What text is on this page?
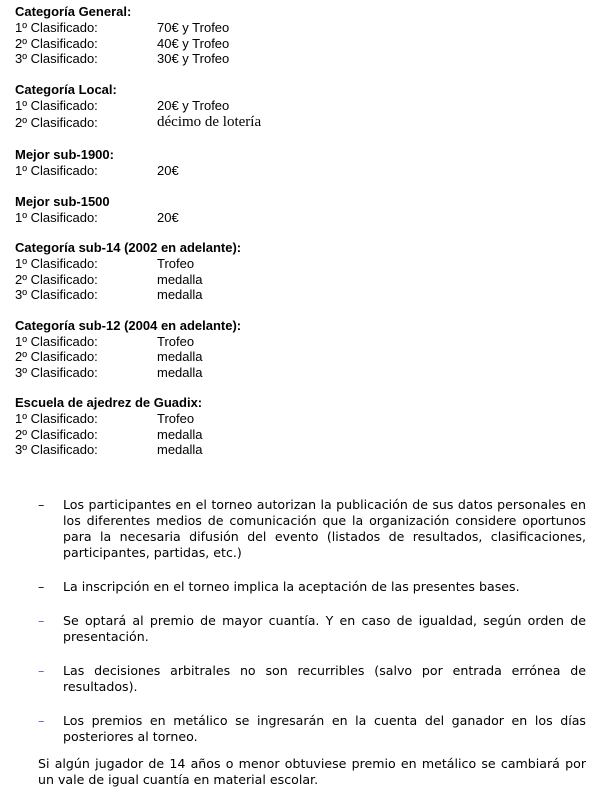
Categoría General:
1º Clasificado:	70€ y Trofeo
2º Clasificado:	40€ y Trofeo
3º Clasificado:	30€ y Trofeo
Categoría Local:
1º Clasificado:	20€ y Trofeo
2º Clasificado:	décimo de lotería
Mejor sub-1900:
1º Clasificado:	20€
Mejor sub-1500
1º Clasificado:	20€
Categoría sub-14 (2002 en adelante):
1º Clasificado:	Trofeo
2º Clasificado:	medalla
3º Clasificado:	medalla
Categoría sub-12 (2004 en adelante):
1º Clasificado:	Trofeo
2º Clasificado:	medalla
3º Clasificado:	medalla
Escuela de ajedrez de Guadix:
1º Clasificado:	Trofeo
2º Clasificado:	medalla
3º Clasificado:	medalla
– Los participantes en el torneo autorizan la publicación de sus datos personales en los diferentes medios de comunicación que la organización considere oportunos para la necesaria difusión del evento (listados de resultados, clasificaciones, participantes, partidas, etc.)
– La inscripción en el torneo implica la aceptación de las presentes bases.
– Se optará al premio de mayor cuantía. Y en caso de igualdad, según orden de presentación.
– Las decisiones arbitrales no son recurribles (salvo por entrada errónea de resultados).
– Los premios en metálico se ingresarán en la cuenta del ganador en los días posteriores al torneo.
Si algún jugador de 14 años o menor obtuviese premio en metálico se cambiará por un vale de igual cuantía en material escolar.
